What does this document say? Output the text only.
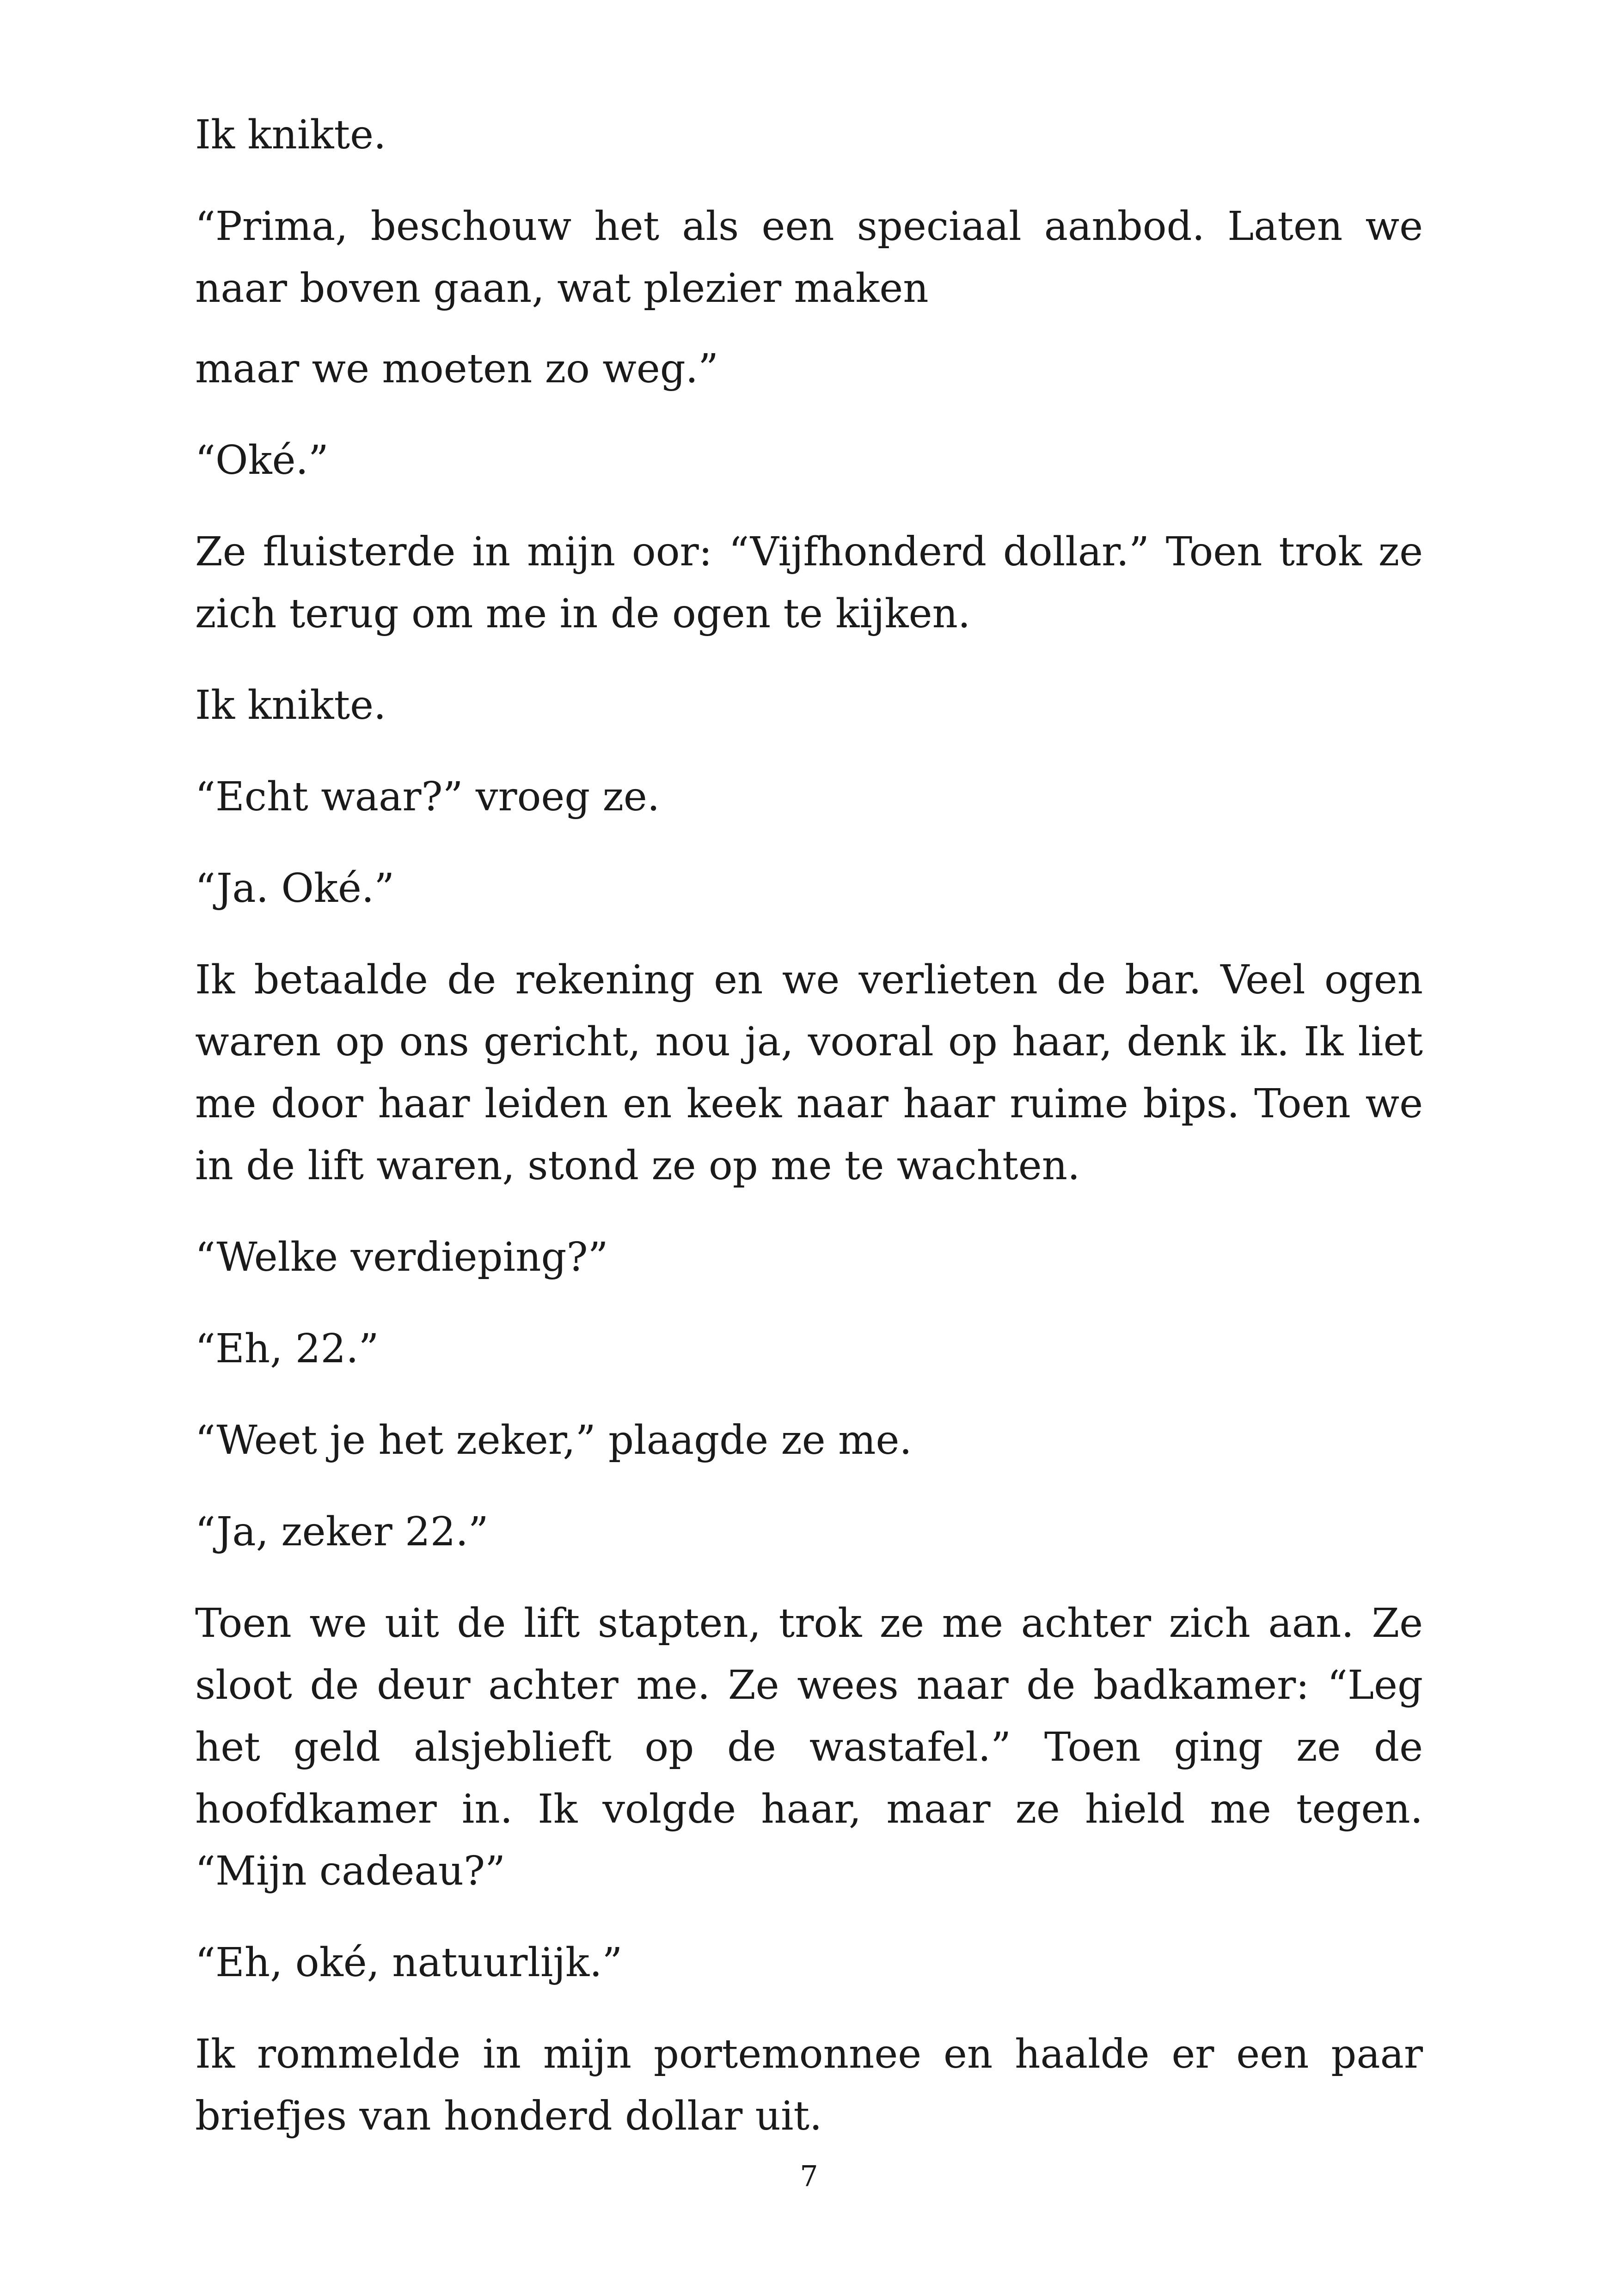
Ik knikte.

“Prima, beschouw het als een speciaal aanbod. Laten we naar boven gaan, wat plezier maken

maar we moeten zo weg.”

“Oké.”

Ze fluisterde in mijn oor: “Vijfhonderd dollar.” Toen trok ze zich terug om me in de ogen te kijken.

Ik knikte.

“Echt waar?” vroeg ze.

“Ja. Oké.”

Ik betaalde de rekening en we verlieten de bar. Veel ogen waren op ons gericht, nou ja, vooral op haar, denk ik. Ik liet me door haar leiden en keek naar haar ruime bips. Toen we in de lift waren, stond ze op me te wachten.

“Welke verdieping?”

“Eh, 22.”

“Weet je het zeker,” plaagde ze me.

“Ja, zeker 22.”

Toen we uit de lift stapten, trok ze me achter zich aan. Ze sloot de deur achter me. Ze wees naar de badkamer: “Leg het geld alsjeblieft op de wastafel.” Toen ging ze de hoofdkamer in. Ik volgde haar, maar ze hield me tegen. “Mijn cadeau?”

“Eh, oké, natuurlijk.”

Ik rommelde in mijn portemonnee en haalde er een paar briefjes van honderd dollar uit.

7
